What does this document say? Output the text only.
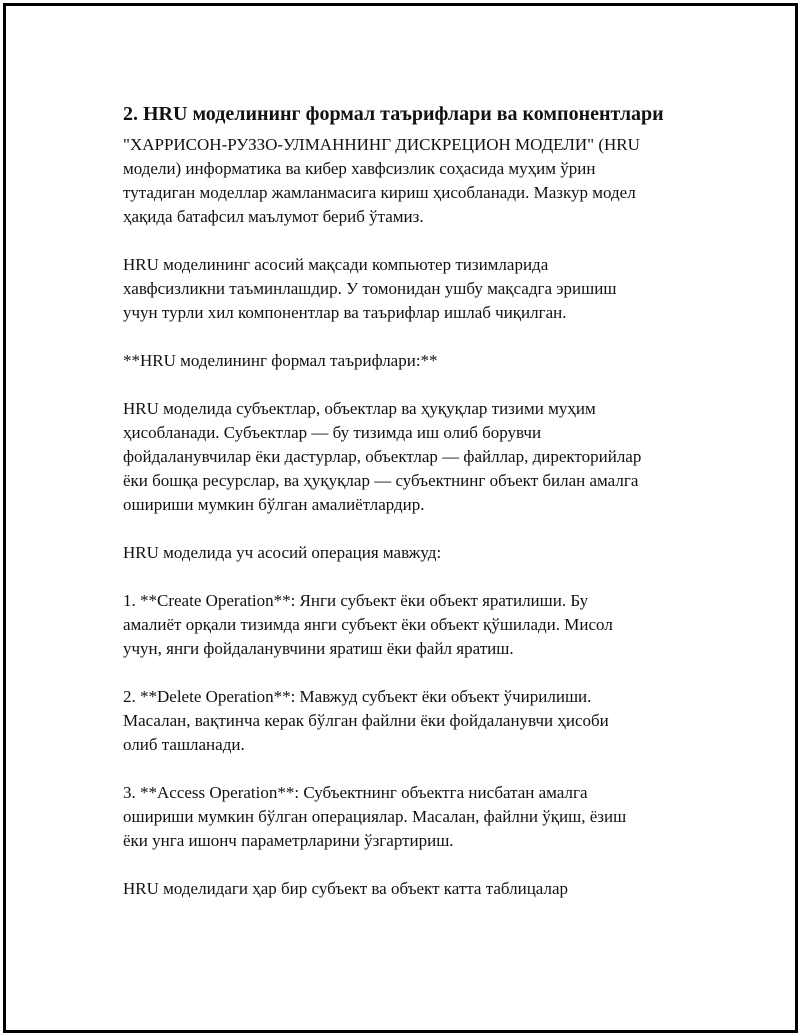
2. HRU моделининг формал таърифлари ва компонентлари

"ХАРРИСОН-РУЗЗО-УЛМАННИНГ ДИСКРЕЦИОН МОДЕЛИ" (HRU
модели) информатика ва кибер хавфсизлик соҳасида муҳим ўрин
тутадиган моделлар жамланмасига кириш ҳисобланади. Мазкур модел
ҳақида батафсил маълумот бериб ўтамиз.

HRU моделининг асосий мақсади компьютер тизимларида
хавфсизликни таъминлашдир. У томонидан ушбу мақсадга эришиш
учун турли хил компонентлар ва таърифлар ишлаб чиқилган.

**HRU моделининг формал таърифлари:**

HRU моделида субъектлар, объектлар ва ҳуқуқлар тизими муҳим
ҳисобланади. Субъектлар — бу тизимда иш олиб борувчи
фойдаланувчилар ёки дастурлар, объектлар — файллар, директорийлар
ёки бошқа ресурслар, ва ҳуқуқлар — субъектнинг объект билан амалга
ошириши мумкин бўлган амалиётлардир.

HRU моделида уч асосий операция мавжуд:

1. **Create Operation**: Янги субъект ёки объект яратилиши. Бу
амалиёт орқали тизимда янги субъект ёки объект қўшилади. Мисол
учун, янги фойдаланувчини яратиш ёки файл яратиш.

2. **Delete Operation**: Мавжуд субъект ёки объект ўчирилиши.
Масалан, вақтинча керак бўлган файлни ёки фойдаланувчи ҳисоби
олиб ташланади.

3. **Access Operation**: Субъектнинг объектга нисбатан амалга
ошириши мумкин бўлган операциялар. Масалан, файлни ўқиш, ёзиш
ёки унга ишонч параметрларини ўзгартириш.

HRU моделидаги ҳар бир субъект ва объект катта таблицалар
